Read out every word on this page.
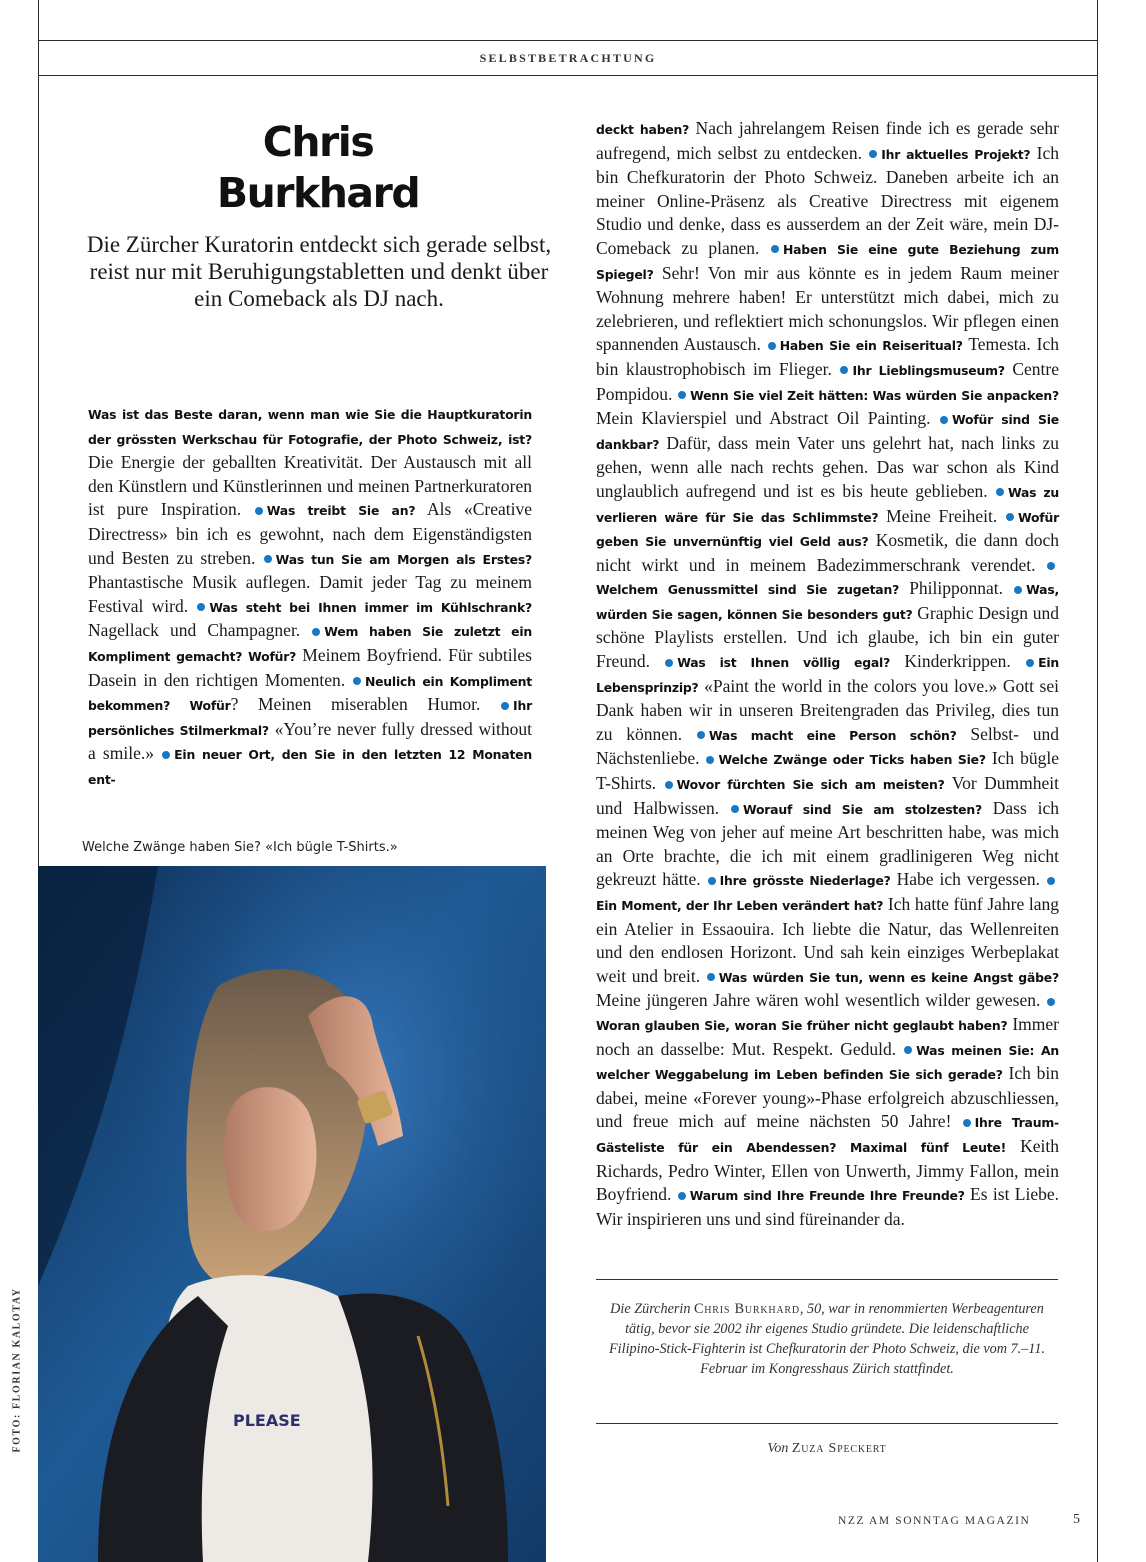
SELBSTBETRACHTUNG
Chris
Burkhard
Die Zürcher Kuratorin entdeckt sich gerade selbst, reist nur mit Beruhigungstabletten und denkt über ein Comeback als DJ nach.
Was ist das Beste daran, wenn man wie Sie die Hauptkuratorin der grössten Werkschau für Fotografie, der Photo Schweiz, ist? Die Energie der geballten Kreativität. Der Austausch mit all den Künstlern und Künstlerinnen und meinen Partnerkuratoren ist pure Inspiration. Was treibt Sie an? Als «Creative Directress» bin ich es gewohnt, nach dem Eigenständigsten und Besten zu streben. Was tun Sie am Morgen als Erstes? Phantastische Musik auflegen. Damit jeder Tag zu meinem Festival wird. Was steht bei Ihnen immer im Kühlschrank? Nagellack und Champagner. Wem haben Sie zuletzt ein Kompliment gemacht? Wofür? Meinem Boyfriend. Für subtiles Dasein in den richtigen Momenten. Neulich ein Kompliment bekommen? Wofür? Meinen miserablen Humor. Ihr persönliches Stilmerkmal? «You’re never fully dressed without a smile.» Ein neuer Ort, den Sie in den letzten 12 Monaten ent-
deckt haben? Nach jahrelangem Reisen finde ich es gerade sehr aufregend, mich selbst zu entdecken. Ihr aktuelles Projekt? Ich bin Chefkuratorin der Photo Schweiz. Daneben arbeite ich an meiner Online-Präsenz als Creative Directress mit eigenem Studio und denke, dass es ausserdem an der Zeit wäre, mein DJ-Comeback zu planen. Haben Sie eine gute Beziehung zum Spiegel? Sehr! Von mir aus könnte es in jedem Raum meiner Wohnung mehrere haben! Er unterstützt mich dabei, mich zu zelebrieren, und reflektiert mich schonungslos. Wir pflegen einen spannenden Austausch. Haben Sie ein Reiseritual? Temesta. Ich bin klaustrophobisch im Flieger. Ihr Lieblingsmuseum? Centre Pompidou. Wenn Sie viel Zeit hätten: Was würden Sie anpacken? Mein Klavierspiel und Abstract Oil Painting. Wofür sind Sie dankbar? Dafür, dass mein Vater uns gelehrt hat, nach links zu gehen, wenn alle nach rechts gehen. Das war schon als Kind unglaublich aufregend und ist es bis heute geblieben. Was zu verlieren wäre für Sie das Schlimmste? Meine Freiheit. Wofür geben Sie unvernünftig viel Geld aus? Kosmetik, die dann doch nicht wirkt und in meinem Badezimmerschrank verendet. Welchem Genussmittel sind Sie zugetan? Philipponnat. Was, würden Sie sagen, können Sie besonders gut? Graphic Design und schöne Playlists erstellen. Und ich glaube, ich bin ein guter Freund. Was ist Ihnen völlig egal? Kinderkrippen. Ein Lebensprinzip? «Paint the world in the colors you love.» Gott sei Dank haben wir in unseren Breitengraden das Privileg, dies tun zu können. Was macht eine Person schön? Selbst- und Nächstenliebe. Welche Zwänge oder Ticks haben Sie? Ich bügle T-Shirts. Wovor fürchten Sie sich am meisten? Vor Dummheit und Halbwissen. Worauf sind Sie am stolzesten? Dass ich meinen Weg von jeher auf meine Art beschritten habe, was mich an Orte brachte, die ich mit einem gradlinigeren Weg nicht gekreuzt hätte. Ihre grösste Niederlage? Habe ich vergessen. Ein Moment, der Ihr Leben verändert hat? Ich hatte fünf Jahre lang ein Atelier in Essaouira. Ich liebte die Natur, das Wellenreiten und den endlosen Horizont. Und sah kein einziges Werbeplakat weit und breit. Was würden Sie tun, wenn es keine Angst gäbe? Meine jüngeren Jahre wären wohl wesentlich wilder gewesen. Woran glauben Sie, woran Sie früher nicht geglaubt haben? Immer noch an dasselbe: Mut. Respekt. Geduld. Was meinen Sie: An welcher Weggabelung im Leben befinden Sie sich gerade? Ich bin dabei, meine «Forever young»-Phase erfolgreich abzuschliessen, und freue mich auf meine nächsten 50 Jahre! Ihre Traum-Gästeliste für ein Abendessen? Maximal fünf Leute! Keith Richards, Pedro Winter, Ellen von Unwerth, Jimmy Fallon, mein Boyfriend. Warum sind Ihre Freunde Ihre Freunde? Es ist Liebe. Wir inspirieren uns und sind füreinander da.
Welche Zwänge haben Sie? «Ich bügle T-Shirts.»
PLEASE
FOTO: FLORIAN KALOTAY	Die Zürcherin Chris Burkhard, 50, war in renommierten Werbeagenturen tätig, bevor sie 2002 ihr eigenes Studio gründete. Die leidenschaftliche Filipino-Stick-Fighterin ist Chefkuratorin der Photo Schweiz, die vom 7.–11. Februar im Kongresshaus Zürich stattfindet.
Von Zuza Speckert
NZZ AM SONNTAG MAGAZIN	5
